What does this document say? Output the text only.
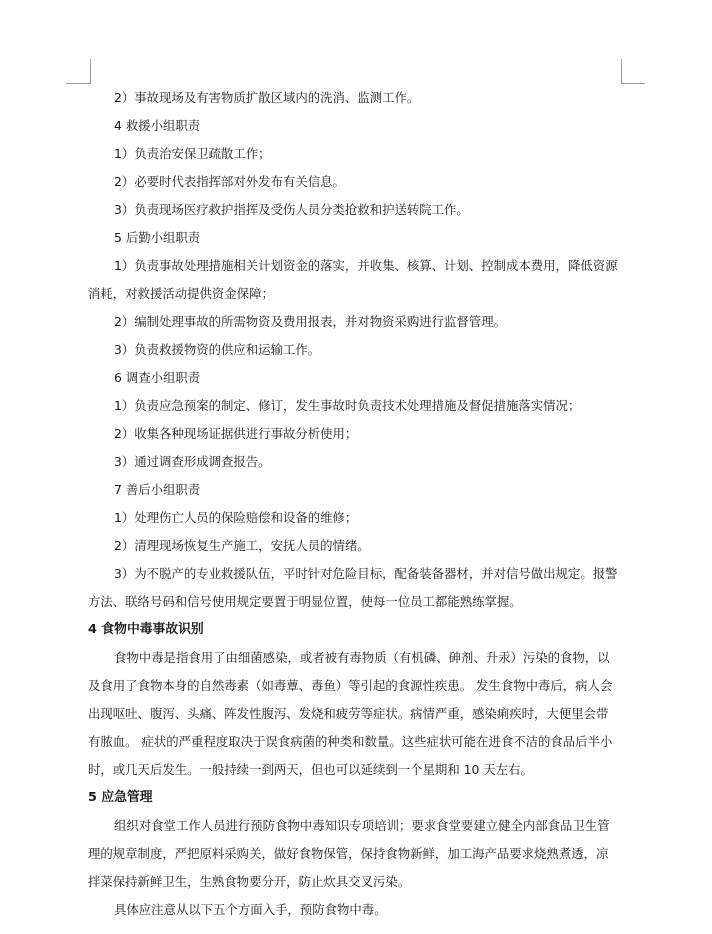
2）事故现场及有害物质扩散区域内的洗消、监测工作。

4 救援小组职责

1）负责治安保卫疏散工作；

2）必要时代表指挥部对外发布有关信息。

3）负责现场医疗救护指挥及受伤人员分类抢救和护送转院工作。

5 后勤小组职责

1）负责事故处理措施相关计划资金的落实，并收集、核算、计划、控制成本费用，降低资源

消耗，对救援活动提供资金保障；

2）编制处理事故的所需物资及费用报表，并对物资采购进行监督管理。

3）负责救援物资的供应和运输工作。

6 调查小组职责

1）负责应急预案的制定、修订，发生事故时负责技术处理措施及督促措施落实情况；

2）收集各种现场证据供进行事故分析使用；

3）通过调查形成调查报告。

7 善后小组职责

1）处理伤亡人员的保险赔偿和设备的维修；

2）清理现场恢复生产施工，安抚人员的情绪。

3）为不脱产的专业救援队伍，平时针对危险目标，配备装备器材，并对信号做出规定。报警

方法、联络号码和信号使用规定要置于明显位置，使每一位员工都能熟练掌握。

4 食物中毒事故识别

食物中毒是指食用了由细菌感染，或者被有毒物质（有机磷、砷剂、升汞）污染的食物，以
及食用了食物本身的自然毒素（如毒蕈、毒鱼）等引起的食源性疾患。 发生食物中毒后，病人会
出现呕吐、腹泻、头痛、阵发性腹泻、发烧和疲劳等症状。病情严重，感染痢疾时，大便里会带
有脓血。 症状的严重程度取决于误食病菌的种类和数量。这些症状可能在进食不洁的食品后半小
时，或几天后发生。一般持续一到两天，但也可以延续到一个星期和 10 天左右。

5 应急管理

组织对食堂工作人员进行预防食物中毒知识专项培训；要求食堂要建立健全内部食品卫生管
理的规章制度，严把原料采购关，做好食物保管，保持食物新鲜，加工海产品要求烧熟煮透，凉
拌菜保持新鲜卫生，生熟食物要分开，防止炊具交叉污染。

具体应注意从以下五个方面入手，预防食物中毒。
